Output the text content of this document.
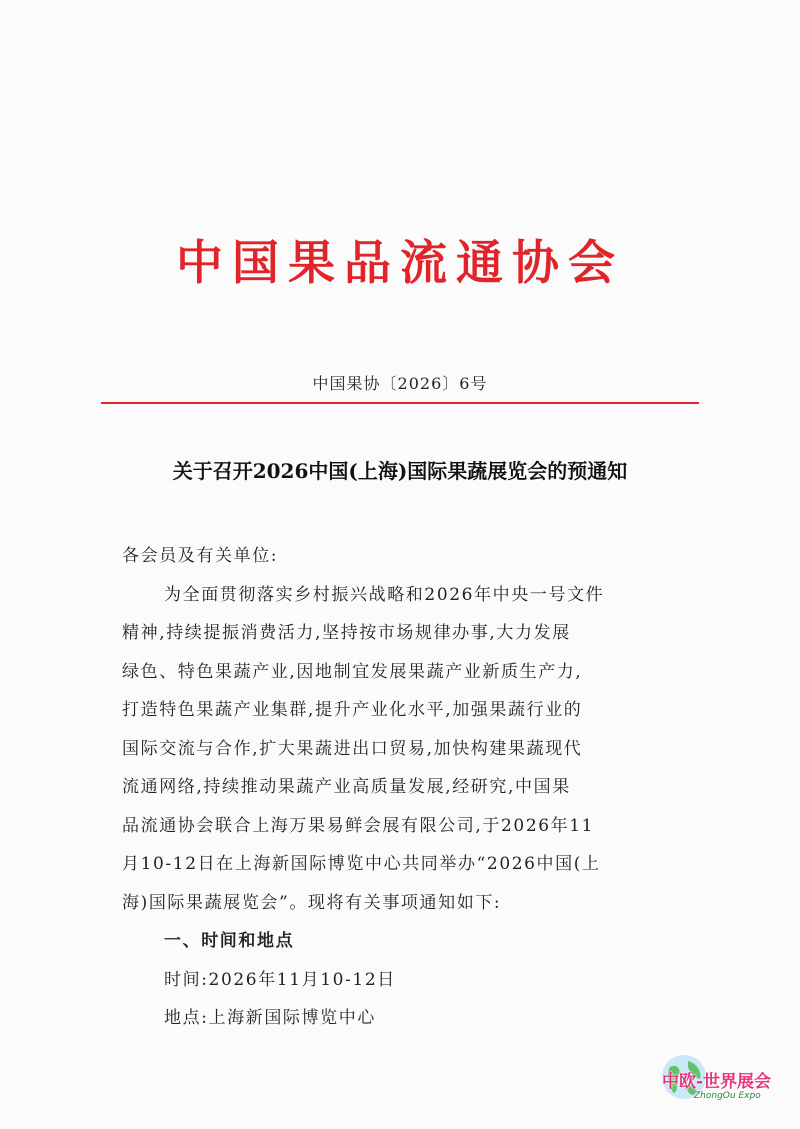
中国果品流通协会
中国果协〔2026〕6号
关于召开2026中国(上海)国际果蔬展览会的预通知
各会员及有关单位:
为全面贯彻落实乡村振兴战略和2026年中央一号文件
精神,持续提振消费活力,坚持按市场规律办事,大力发展
绿色、特色果蔬产业,因地制宜发展果蔬产业新质生产力,
打造特色果蔬产业集群,提升产业化水平,加强果蔬行业的
国际交流与合作,扩大果蔬进出口贸易,加快构建果蔬现代
流通网络,持续推动果蔬产业高质量发展,经研究,中国果
品流通协会联合上海万果易鲜会展有限公司,于2026年11
月10-12日在上海新国际博览中心共同举办“2026中国(上
海)国际果蔬展览会”。现将有关事项通知如下:
一、时间和地点
时间:2026年11月10-12日
地点:上海新国际博览中心
中欧-世界展会
ZhongOu Expo
